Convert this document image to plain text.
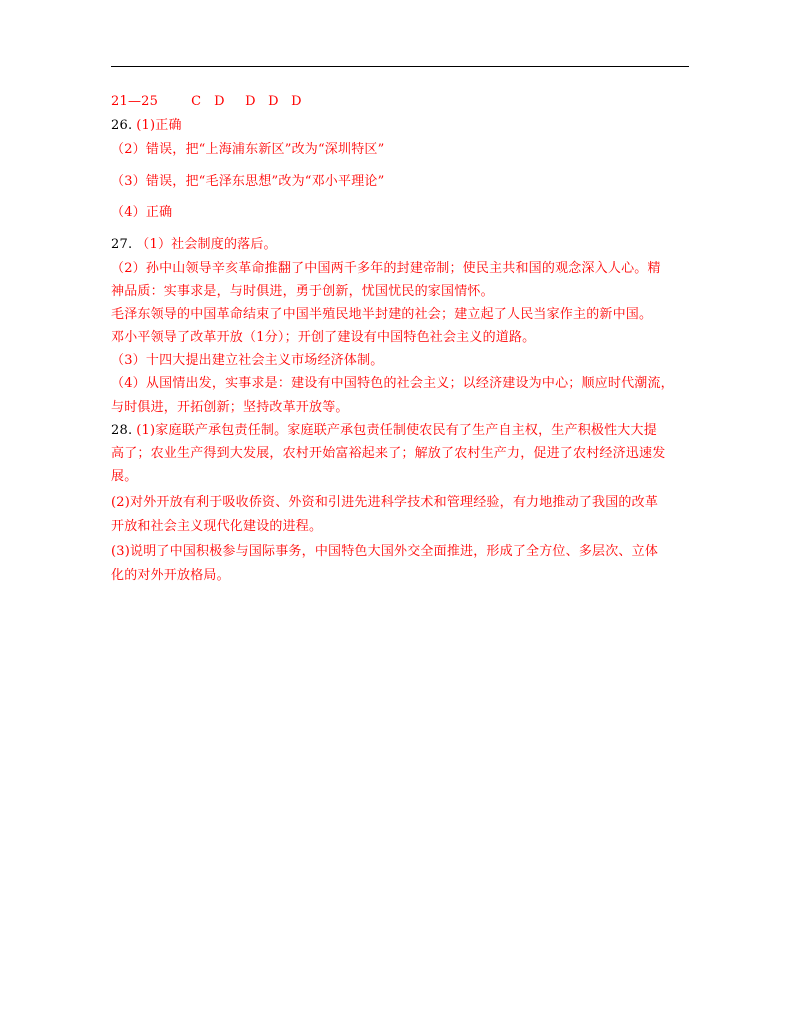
21—25	C D D D D
26. (1)正确
（2）错误，把“上海浦东新区”改为“深圳特区”
（3）错误，把“毛泽东思想”改为“邓小平理论”
（4）正确
27. （1）社会制度的落后。
（2）孙中山领导辛亥革命推翻了中国两千多年的封建帝制；使民主共和国的观念深入人心。精
神品质：实事求是，与时俱进，勇于创新，忧国忧民的家国情怀。
毛泽东领导的中国革命结束了中国半殖民地半封建的社会；建立起了人民当家作主的新中国。
邓小平领导了改革开放（1分）；开创了建设有中国特色社会主义的道路。
（3）十四大提出建立社会主义市场经济体制。
（4）从国情出发，实事求是：建设有中国特色的社会主义；以经济建设为中心；顺应时代潮流，
与时俱进，开拓创新；坚持改革开放等。
28. (1)家庭联产承包责任制。家庭联产承包责任制使农民有了生产自主权，生产积极性大大提
高了；农业生产得到大发展，农村开始富裕起来了；解放了农村生产力，促进了农村经济迅速发
展。
(2)对外开放有利于吸收侨资、外资和引进先进科学技术和管理经验，有力地推动了我国的改革
开放和社会主义现代化建设的进程。
(3)说明了中国积极参与国际事务，中国特色大国外交全面推进，形成了全方位、多层次、立体
化的对外开放格局。
